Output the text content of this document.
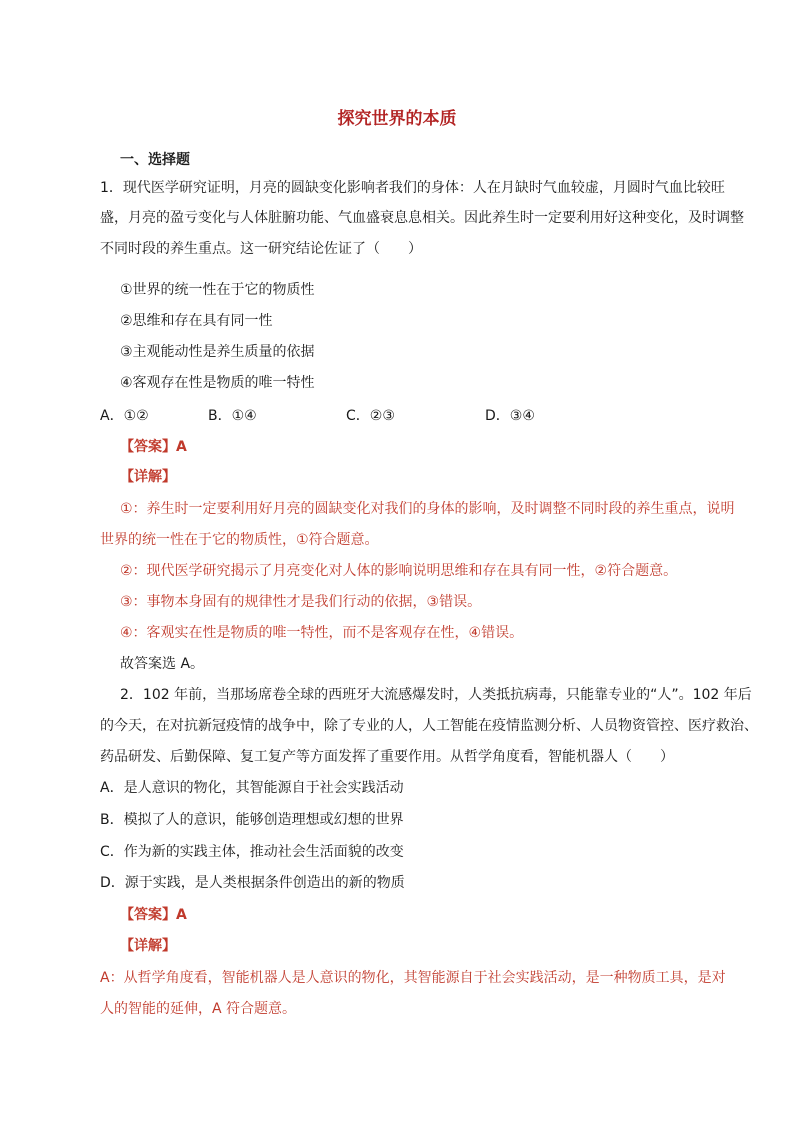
探究世界的本质
一、选择题
1．现代医学研究证明，月亮的圆缺变化影响者我们的身体：人在月缺时气血较虚，月圆时气血比较旺
盛，月亮的盈亏变化与人体脏腑功能、气血盛衰息息相关。因此养生时一定要利用好这种变化，及时调整
不同时段的养生重点。这一研究结论佐证了（　　）
①世界的统一性在于它的物质性
②思维和存在具有同一性
③主观能动性是养生质量的依据
④客观存在性是物质的唯一特性
A．①②	B．①④	C．②③	D．③④
【答案】A
【详解】
①：养生时一定要利用好月亮的圆缺变化对我们的身体的影响，及时调整不同时段的养生重点，说明
世界的统一性在于它的物质性，①符合题意。
②：现代医学研究揭示了月亮变化对人体的影响说明思维和存在具有同一性，②符合题意。
③：事物本身固有的规律性才是我们行动的依据，③错误。
④：客观实在性是物质的唯一特性，而不是客观存在性，④错误。
故答案选 A。
2．102 年前，当那场席卷全球的西班牙大流感爆发时，人类抵抗病毒，只能靠专业的“人”。102 年后
的今天，在对抗新冠疫情的战争中，除了专业的人，人工智能在疫情监测分析、人员物资管控、医疗救治、
药品研发、后勤保障、复工复产等方面发挥了重要作用。从哲学角度看，智能机器人（　　）
A．是人意识的物化，其智能源自于社会实践活动
B．模拟了人的意识，能够创造理想或幻想的世界
C．作为新的实践主体，推动社会生活面貌的改变
D．源于实践，是人类根据条件创造出的新的物质
【答案】A
【详解】
A：从哲学角度看，智能机器人是人意识的物化，其智能源自于社会实践活动，是一种物质工具，是对
人的智能的延伸，A 符合题意。
